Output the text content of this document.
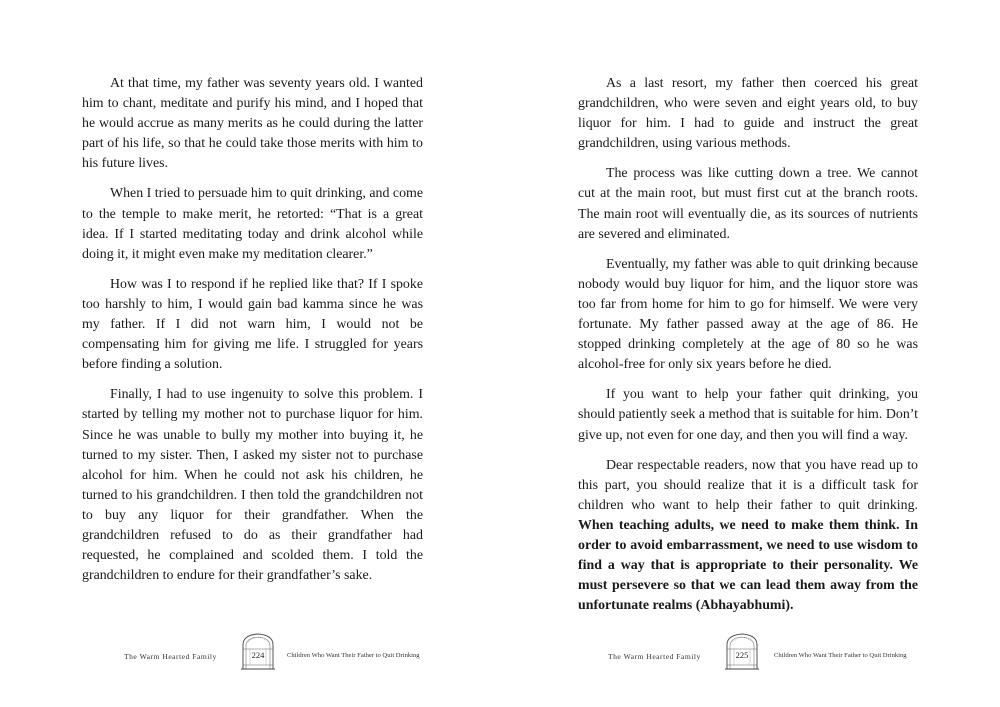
At that time, my father was seventy years old. I wanted him to chant, meditate and purify his mind, and I hoped that he would accrue as many merits as he could during the latter part of his life, so that he could take those merits with him to his future lives.

When I tried to persuade him to quit drinking, and come to the temple to make merit, he retorted: “That is a great idea. If I started meditating today and drink alcohol while doing it, it might even make my meditation clearer.”

How was I to respond if he replied like that? If I spoke too harshly to him, I would gain bad kamma since he was my father. If I did not warn him, I would not be compensating him for giving me life. I struggled for years before finding a solution.

Finally, I had to use ingenuity to solve this problem. I started by telling my mother not to purchase liquor for him. Since he was unable to bully my mother into buying it, he turned to my sister. Then, I asked my sister not to purchase alcohol for him. When he could not ask his children, he turned to his grandchildren. I then told the grandchildren not to buy any liquor for their grandfather. When the grandchildren refused to do as their grandfather had requested, he complained and scolded them. I told the grandchildren to endure for their grandfather’s sake.

The Warm Hearted Family	224	Children Who Want Their Father to Quit Drinking

As a last resort, my father then coerced his great grandchildren, who were seven and eight years old, to buy liquor for him. I had to guide and instruct the great grandchildren, using various methods.

The process was like cutting down a tree. We cannot cut at the main root, but must first cut at the branch roots. The main root will eventually die, as its sources of nutrients are severed and eliminated.

Eventually, my father was able to quit drinking because nobody would buy liquor for him, and the liquor store was too far from home for him to go for himself. We were very fortunate. My father passed away at the age of 86. He stopped drinking completely at the age of 80 so he was alcohol-free for only six years before he died.

If you want to help your father quit drinking, you should patiently seek a method that is suitable for him. Don’t give up, not even for one day, and then you will find a way.

Dear respectable readers, now that you have read up to this part, you should realize that it is a difficult task for children who want to help their father to quit drinking. When teaching adults, we need to make them think. In order to avoid embarrassment, we need to use wisdom to find a way that is appropriate to their personality. We must persevere so that we can lead them away from the unfortunate realms (Abhayabhumi).

The Warm Hearted Family	225	Children Who Want Their Father to Quit Drinking
